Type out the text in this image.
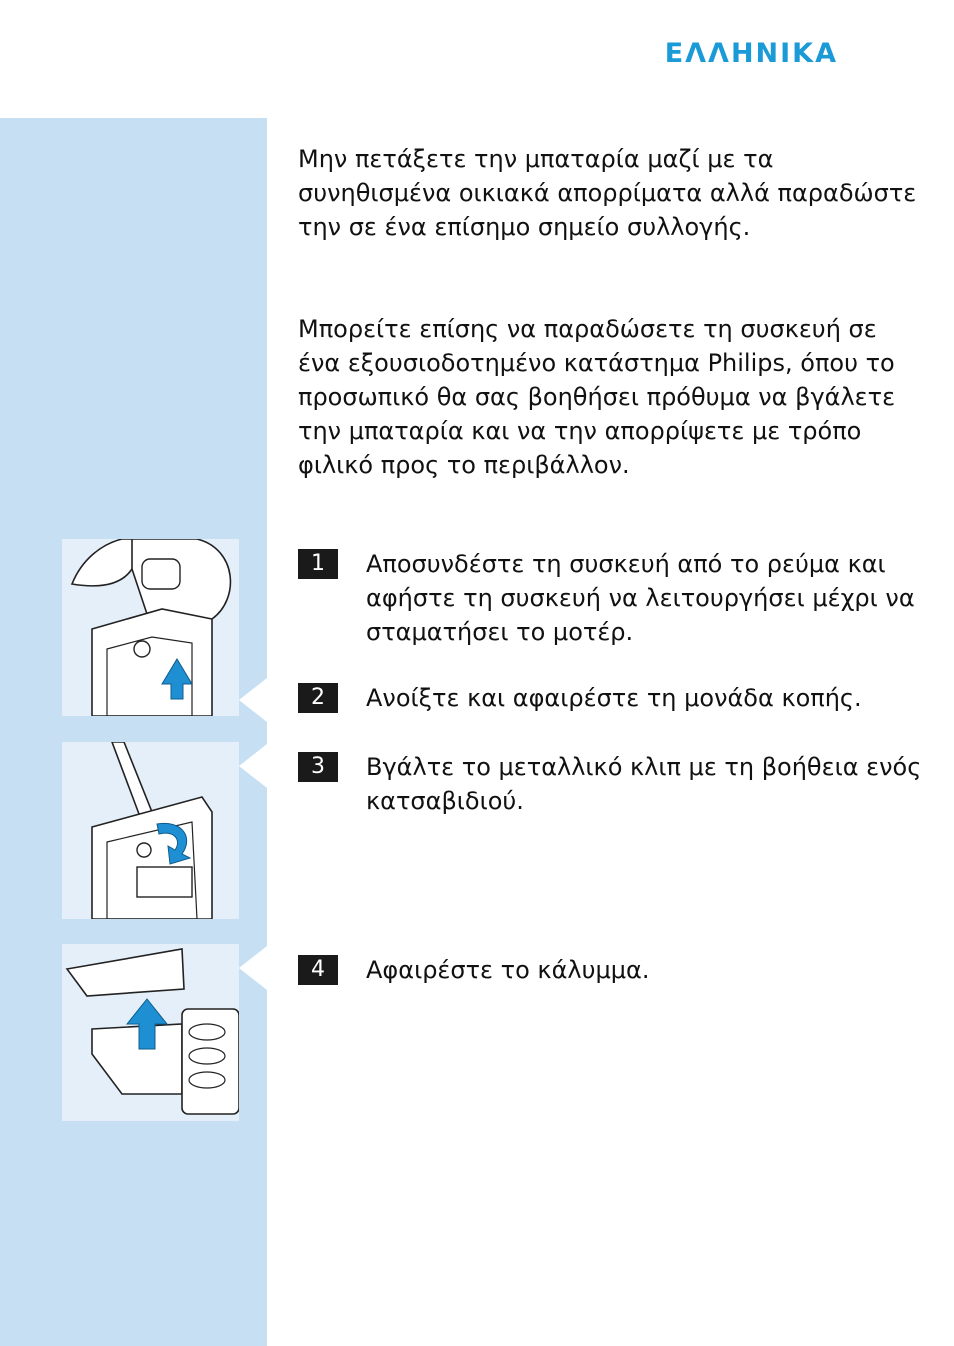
ΕΛΛΗΝΙΚΑ

Μην πετάξετε την μπαταρία μαζί με τα συνηθισμένα οικιακά απορρίματα αλλά παραδώστε την σε ένα επίσημο σημείο συλλογής.

Μπορείτε επίσης να παραδώσετε τη συσκευή σε ένα εξουσιοδοτημένο κατάστημα Philips, όπου το προσωπικό θα σας βοηθήσει πρόθυμα να βγάλετε την μπαταρία και να την απορρίψετε με τρόπο φιλικό προς το περιβάλλον.

1	Αποσυνδέστε τη συσκευή από το ρεύμα και αφήστε τη συσκευή να λειτουργήσει μέχρι να σταματήσει το μοτέρ.

2	Ανοίξτε και αφαιρέστε τη μονάδα κοπής.

3	Βγάλτε το μεταλλικό κλιπ με τη βοήθεια ενός κατσαβιδιού.

4	Αφαιρέστε το κάλυμμα.
